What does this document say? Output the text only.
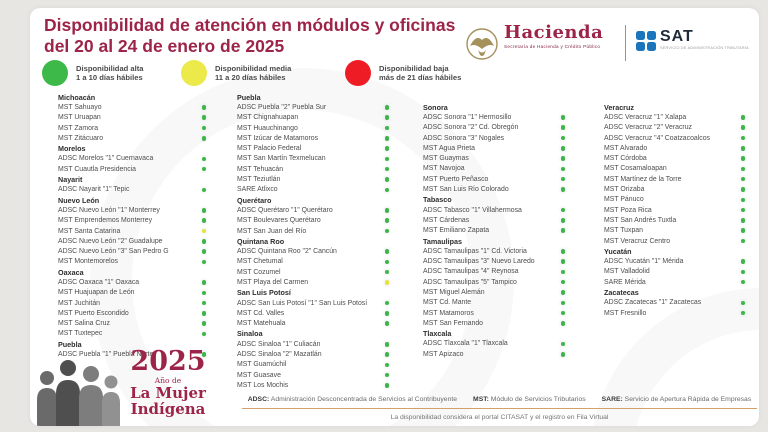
Disponibilidad de atención en módulos y oficinas
del 20 al 24 de enero de 2025
Hacienda
Secretaría de Hacienda y Crédito Público
SAT
SERVICIO DE ADMINISTRACIÓN TRIBUTARIA
Disponibilidad alta
1 a 10 días hábiles
Disponibilidad media
11 a 20 días hábiles
Disponibilidad baja
más de 21 días hábiles
Michoacán
MST Sahuayo
MST Uruapan
MST Zamora
MST Zitácuaro
Morelos
ADSC Morelos "1" Cuernavaca
MST Cuautla Presidencia
Nayarit
ADSC Nayarit "1" Tepic
Nuevo León
ADSC Nuevo León "1" Monterrey
MST Emprendemos Monterrey
MST Santa Catarina
ADSC Nuevo León "2" Guadalupe
ADSC Nuevo León "3" San Pedro G
MST Montemorelos
Oaxaca
ADSC Oaxaca "1" Oaxaca
MST Huajuapan de León
MST Juchitán
MST Puerto Escondido
MST Salina Cruz
MST Tuxtepec
Puebla
ADSC Puebla "1" Puebla Norte
Puebla
ADSC Puebla "2" Puebla Sur
MST Chignahuapan
MST Huauchinango
MST Izúcar de Matamoros
MST Palacio Federal
MST San Martín Texmelucan
MST Tehuacán
MST Teziutlán
SARE Atlixco
Querétaro
ADSC Querétaro "1" Querétaro
MST Boulevares Querétaro
MST San Juan del Río
Quintana Roo
ADSC Quintana Roo "2" Cancún
MST Chetumal
MST Cozumel
MST Playa del Carmen
San Luis Potosí
ADSC San Luis Potosí "1" San Luis Potosí
MST Cd. Valles
MST Matehuala
Sinaloa
ADSC Sinaloa "1" Culiacán
ADSC Sinaloa "2" Mazatlán
MST Guamúchil
MST Guasave
MST Los Mochis
Sonora
ADSC Sonora "1" Hermosillo
ADSC Sonora "2" Cd. Obregón
ADSC Sonora "3" Nogales
MST Agua Prieta
MST Guaymas
MST Navojoa
MST Puerto Peñasco
MST San Luis Río Colorado
Tabasco
ADSC Tabasco "1" Villahermosa
MST Cárdenas
MST Emiliano Zapata
Tamaulipas
ADSC Tamaulipas "1" Cd. Victoria
ADSC Tamaulipas "3" Nuevo Laredo
ADSC Tamaulipas "4" Reynosa
ADSC Tamaulipas "5" Tampico
MST Miguel Alemán
MST Cd. Mante
MST Matamoros
MST San Fernando
Tlaxcala
ADSC Tlaxcala "1" Tlaxcala
MST Apizaco
Veracruz
ADSC Veracruz "1" Xalapa
ADSC Veracruz "2" Veracruz
ADSC Veracruz "4" Coatzacoalcos
MST Alvarado
MST Córdoba
MST Cosamaloapan
MST Martínez de la Torre
MST Orizaba
MST Pánuco
MST Poza Rica
MST San Andrés Tuxtla
MST Tuxpan
MST Veracruz Centro
Yucatán
ADSC Yucatán "1" Mérida
MST Valladolid
SARE Mérida
Zacatecas
ADSC Zacatecas "1" Zacatecas
MST Fresnillo
ADSC: Administración Desconcentrada de Servicios al Contribuyente MST: Módulo de Servicios Tributarios SARE: Servicio de Apertura Rápida de Empresas
La disponibilidad considera el portal CITASAT y el registro en Fila Virtual
2025
Año de
La Mujer
Indígena
